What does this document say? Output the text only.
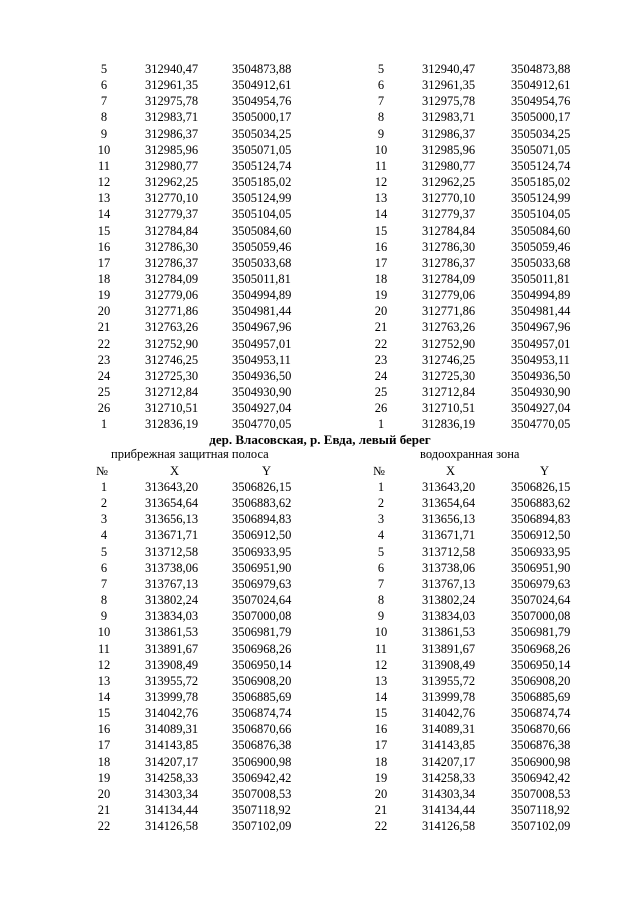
5	312940,47	3504873,88	5	312940,47	3504873,88
6	312961,35	3504912,61	6	312961,35	3504912,61
7	312975,78	3504954,76	7	312975,78	3504954,76
8	312983,71	3505000,17	8	312983,71	3505000,17
9	312986,37	3505034,25	9	312986,37	3505034,25
10	312985,96	3505071,05	10	312985,96	3505071,05
11	312980,77	3505124,74	11	312980,77	3505124,74
12	312962,25	3505185,02	12	312962,25	3505185,02
13	312770,10	3505124,99	13	312770,10	3505124,99
14	312779,37	3505104,05	14	312779,37	3505104,05
15	312784,84	3505084,60	15	312784,84	3505084,60
16	312786,30	3505059,46	16	312786,30	3505059,46
17	312786,37	3505033,68	17	312786,37	3505033,68
18	312784,09	3505011,81	18	312784,09	3505011,81
19	312779,06	3504994,89	19	312779,06	3504994,89
20	312771,86	3504981,44	20	312771,86	3504981,44
21	312763,26	3504967,96	21	312763,26	3504967,96
22	312752,90	3504957,01	22	312752,90	3504957,01
23	312746,25	3504953,11	23	312746,25	3504953,11
24	312725,30	3504936,50	24	312725,30	3504936,50
25	312712,84	3504930,90	25	312712,84	3504930,90
26	312710,51	3504927,04	26	312710,51	3504927,04
1	312836,19	3504770,05	1	312836,19	3504770,05
дер. Власовская, р. Евда, левый берег
прибрежная защитная полоса	водоохранная зона
№	X	Y	№	X	Y
1	313643,20	3506826,15	1	313643,20	3506826,15
2	313654,64	3506883,62	2	313654,64	3506883,62
3	313656,13	3506894,83	3	313656,13	3506894,83
4	313671,71	3506912,50	4	313671,71	3506912,50
5	313712,58	3506933,95	5	313712,58	3506933,95
6	313738,06	3506951,90	6	313738,06	3506951,90
7	313767,13	3506979,63	7	313767,13	3506979,63
8	313802,24	3507024,64	8	313802,24	3507024,64
9	313834,03	3507000,08	9	313834,03	3507000,08
10	313861,53	3506981,79	10	313861,53	3506981,79
11	313891,67	3506968,26	11	313891,67	3506968,26
12	313908,49	3506950,14	12	313908,49	3506950,14
13	313955,72	3506908,20	13	313955,72	3506908,20
14	313999,78	3506885,69	14	313999,78	3506885,69
15	314042,76	3506874,74	15	314042,76	3506874,74
16	314089,31	3506870,66	16	314089,31	3506870,66
17	314143,85	3506876,38	17	314143,85	3506876,38
18	314207,17	3506900,98	18	314207,17	3506900,98
19	314258,33	3506942,42	19	314258,33	3506942,42
20	314303,34	3507008,53	20	314303,34	3507008,53
21	314134,44	3507118,92	21	314134,44	3507118,92
22	314126,58	3507102,09	22	314126,58	3507102,09
